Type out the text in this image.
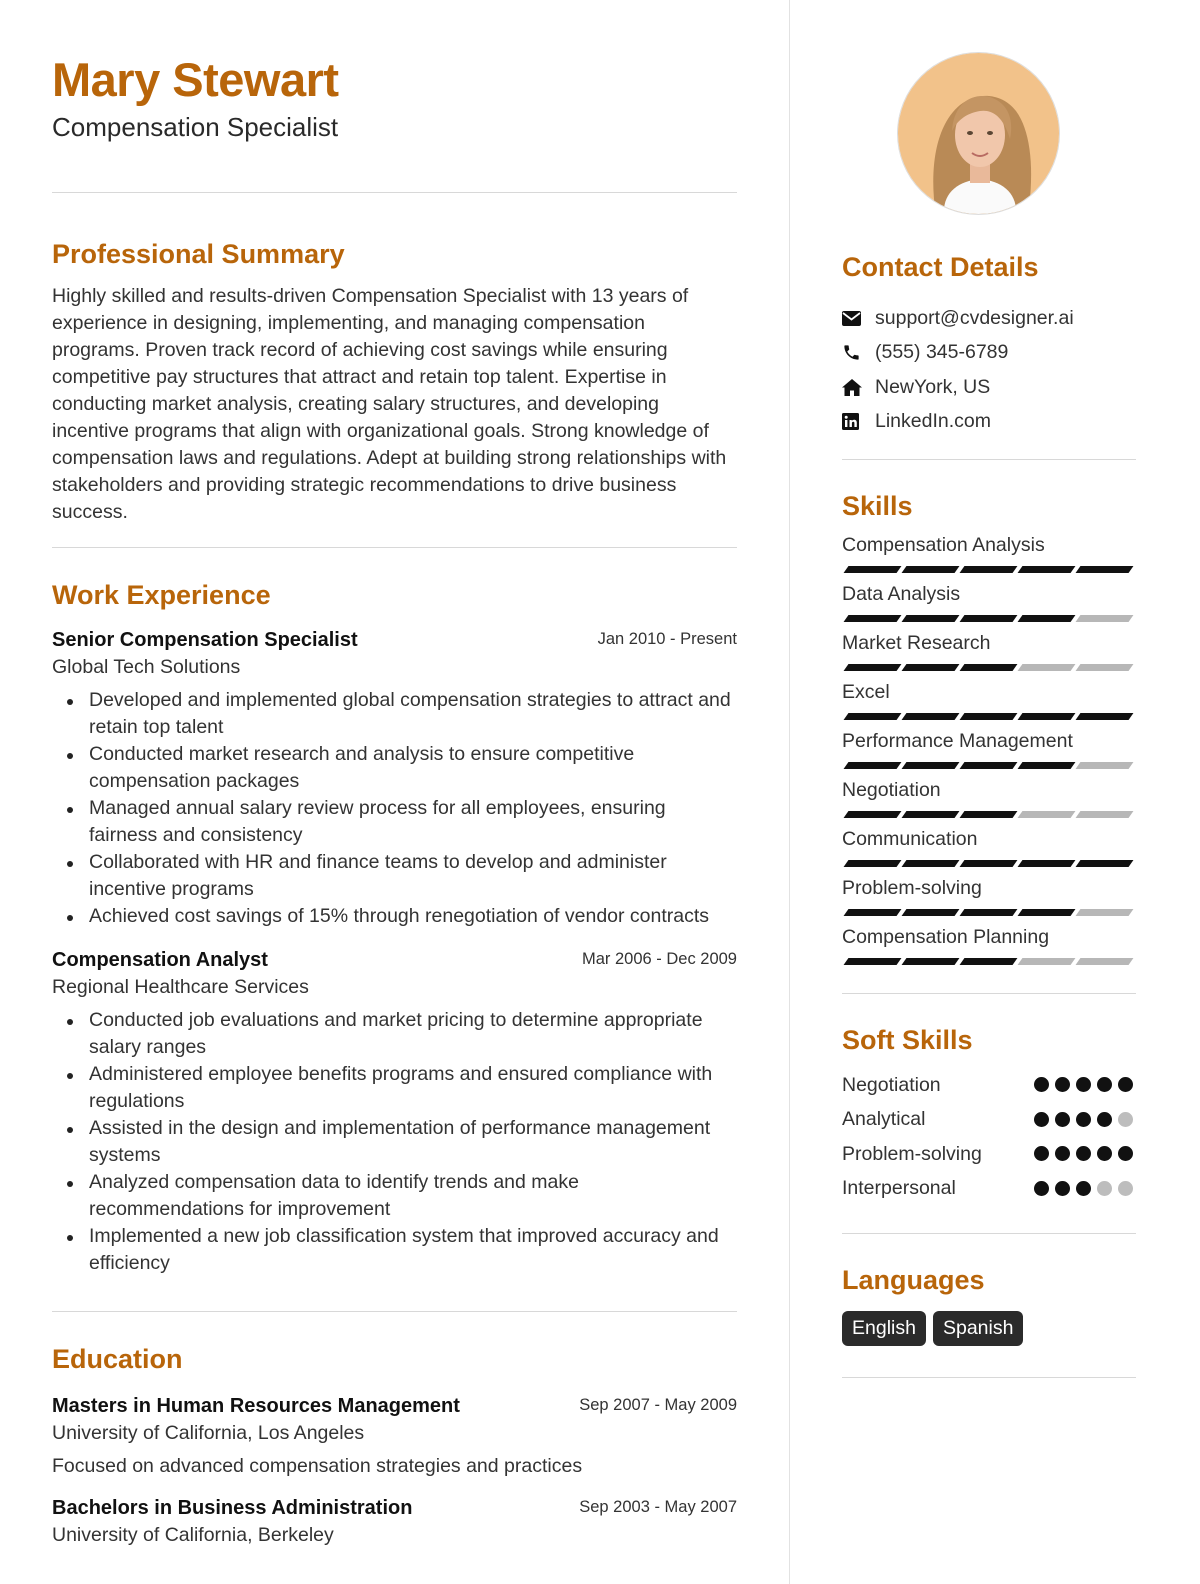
Mary Stewart
Compensation Specialist
Professional Summary
Highly skilled and results-driven Compensation Specialist with 13 years of experience in designing, implementing, and managing compensation programs. Proven track record of achieving cost savings while ensuring competitive pay structures that attract and retain top talent. Expertise in conducting market analysis, creating salary structures, and developing incentive programs that align with organizational goals. Strong knowledge of compensation laws and regulations. Adept at building strong relationships with stakeholders and providing strategic recommendations to drive business success.
Work Experience
Senior Compensation Specialist	Jan 2010 - Present
Global Tech Solutions
Developed and implemented global compensation strategies to attract and retain top talent
Conducted market research and analysis to ensure competitive compensation packages
Managed annual salary review process for all employees, ensuring fairness and consistency
Collaborated with HR and finance teams to develop and administer incentive programs
Achieved cost savings of 15% through renegotiation of vendor contracts
Compensation Analyst	Mar 2006 - Dec 2009
Regional Healthcare Services
Conducted job evaluations and market pricing to determine appropriate salary ranges
Administered employee benefits programs and ensured compliance with regulations
Assisted in the design and implementation of performance management systems
Analyzed compensation data to identify trends and make recommendations for improvement
Implemented a new job classification system that improved accuracy and efficiency
Education
Masters in Human Resources Management	Sep 2007 - May 2009
University of California, Los Angeles
Focused on advanced compensation strategies and practices
Bachelors in Business Administration	Sep 2003 - May 2007
University of California, Berkeley
Contact Details
support@cvdesigner.ai
(555) 345-6789
NewYork, US
LinkedIn.com
Skills
Compensation Analysis
Data Analysis
Market Research
Excel
Performance Management
Negotiation
Communication
Problem-solving
Compensation Planning
Soft Skills
Negotiation
Analytical
Problem-solving
Interpersonal
Languages
English	Spanish
